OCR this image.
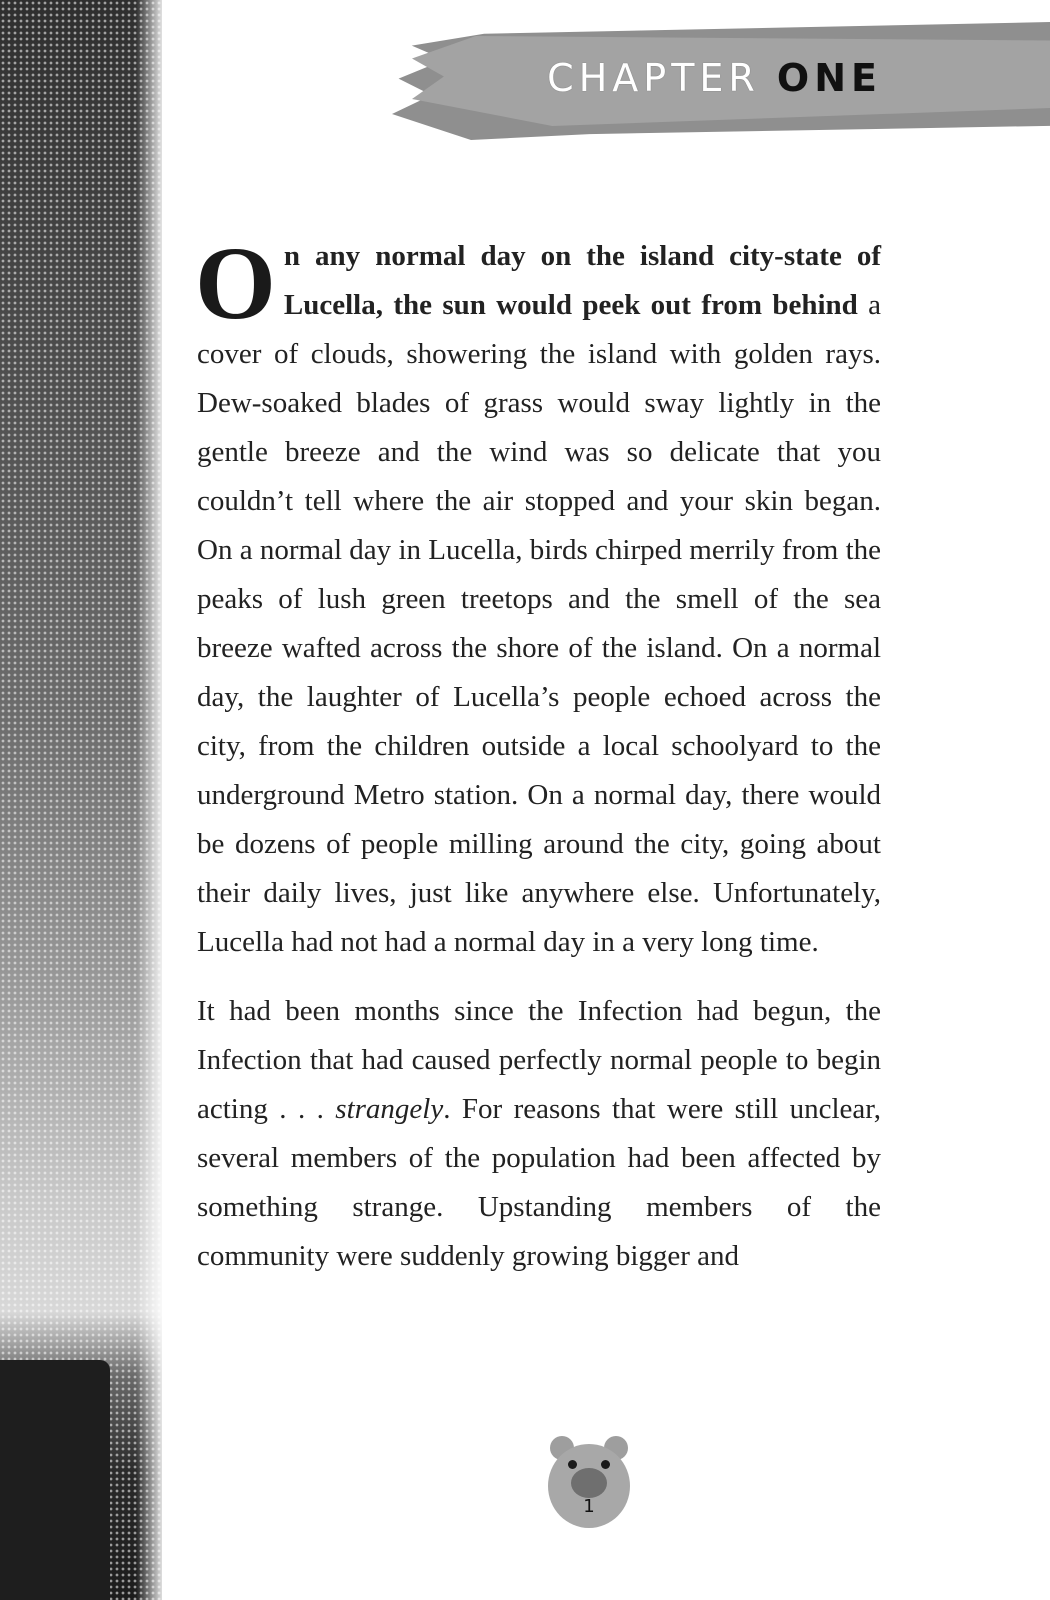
CHAPTER ONE

On any normal day on the island city-state of Lucella, the sun would peek out from behind a cover of clouds, showering the island with golden rays. Dew-soaked blades of grass would sway lightly in the gentle breeze and the wind was so delicate that you couldn’t tell where the air stopped and your skin began. On a normal day in Lucella, birds chirped merrily from the peaks of lush green treetops and the smell of the sea breeze wafted across the shore of the island. On a normal day, the laughter of Lucella’s people echoed across the city, from the children outside a local schoolyard to the underground Metro station. On a normal day, there would be dozens of people milling around the city, going about their daily lives, just like anywhere else. Unfortunately, Lucella had not had a normal day in a very long time.

It had been months since the Infection had begun, the Infection that had caused perfectly normal people to begin acting . . . strangely. For reasons that were still unclear, several members of the population had been affected by something strange. Upstanding members of the community were suddenly growing bigger and

1
